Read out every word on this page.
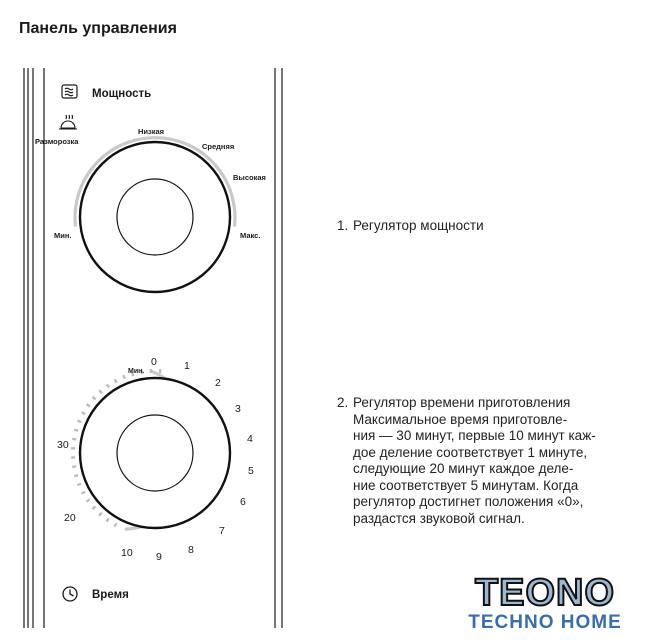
Панель управления
Мощность
Разморозка
Низкая
Средняя
Высокая
Макс.
Мин.
Мин.
0	1
2
3
4
5
6
7
8
9
10
20
30
Время
1. Регулятор мощности
2. Регулятор времени приготовления
Максимальное время приготовле-
ния — 30 минут, первые 10 минут каж-
дое деление соответствует 1 минуте,
следующие 20 минут каждое деле-
ние соответствует 5 минутам. Когда
регулятор достигнет положения «0»,
раздастся звуковой сигнал.
TEONO
TECHNO HOME
